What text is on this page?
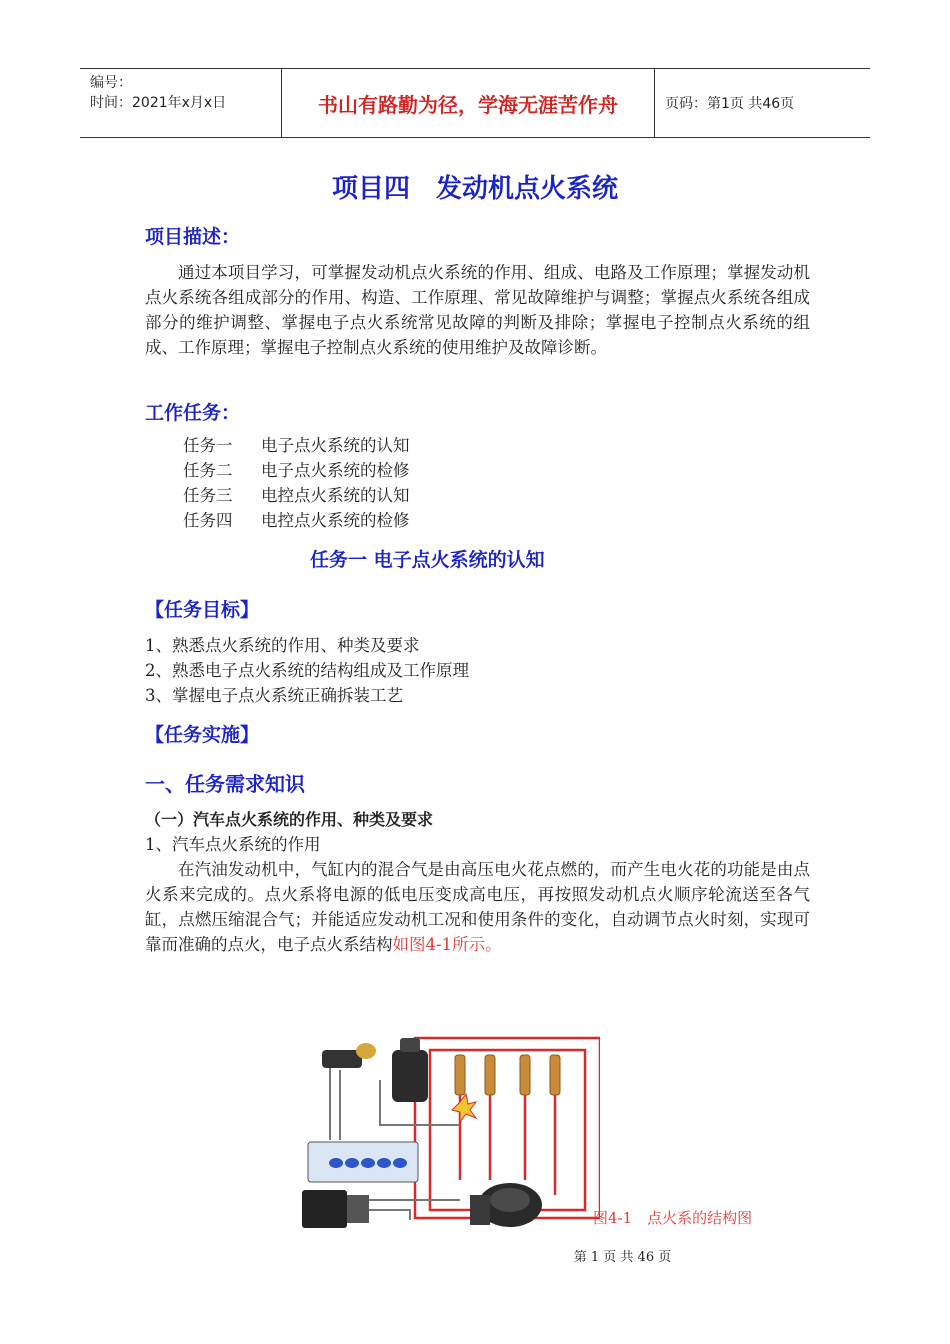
编号：
时间：2021年x月x日	书山有路勤为径，学海无涯苦作舟	页码：第1页 共46页
项目四　发动机点火系统
项目描述：
通过本项目学习，可掌握发动机点火系统的作用、组成、电路及工作原理；掌握发动机点火系统各组成部分的作用、构造、工作原理、常见故障维护与调整；掌握点火系统各组成部分的维护调整、掌握电子点火系统常见故障的判断及排除；掌握电子控制点火系统的组成、工作原理；掌握电子控制点火系统的使用维护及故障诊断。
工作任务：
任务一 电子点火系统的认知
任务二 电子点火系统的检修
任务三 电控点火系统的认知
任务四 电控点火系统的检修
任务一 电子点火系统的认知
【任务目标】
1、熟悉点火系统的作用、种类及要求
2、熟悉电子点火系统的结构组成及工作原理
3、掌握电子点火系统正确拆装工艺
【任务实施】
一、任务需求知识
（一）汽车点火系统的作用、种类及要求
1、汽车点火系统的作用
在汽油发动机中，气缸内的混合气是由高压电火花点燃的，而产生电火花的功能是由点火系来完成的。点火系将电源的低电压变成高电压，再按照发动机点火顺序轮流送至各气缸，点燃压缩混合气；并能适应发动机工况和使用条件的变化，自动调节点火时刻，实现可靠而准确的点火，电子点火系结构如图4-1所示。
图4-1　点火系的结构图
第 1 页 共 46 页
